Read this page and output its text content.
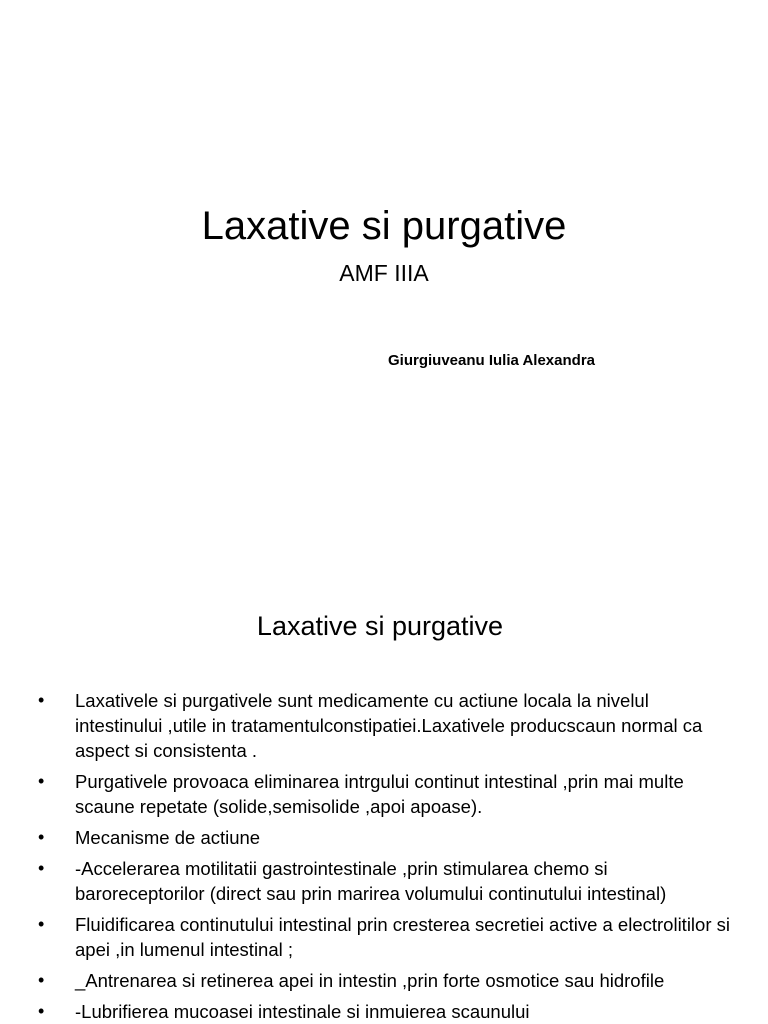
Laxative si purgative
AMF IIIA
Giurgiuveanu Iulia Alexandra
Laxative si purgative
•	Laxativele si purgativele sunt medicamente cu actiune locala la nivelul intestinului ,utile in tratamentulconstipatiei.Laxativele producscaun normal ca aspect si consistenta .
•	Purgativele provoaca eliminarea intrgului continut intestinal ,prin mai multe scaune repetate (solide,semisolide ,apoi apoase).
•	Mecanisme de actiune
•	-Accelerarea motilitatii gastrointestinale ,prin stimularea chemo si baroreceptorilor (direct sau prin marirea volumului continutului intestinal)
•	Fluidificarea continutului intestinal prin cresterea secretiei active a electrolitilor si apei ,in lumenul intestinal ;
•	_Antrenarea si retinerea apei in intestin ,prin forte osmotice sau hidrofile
•	-Lubrifierea mucoasei intestinale si inmuierea scaunului
